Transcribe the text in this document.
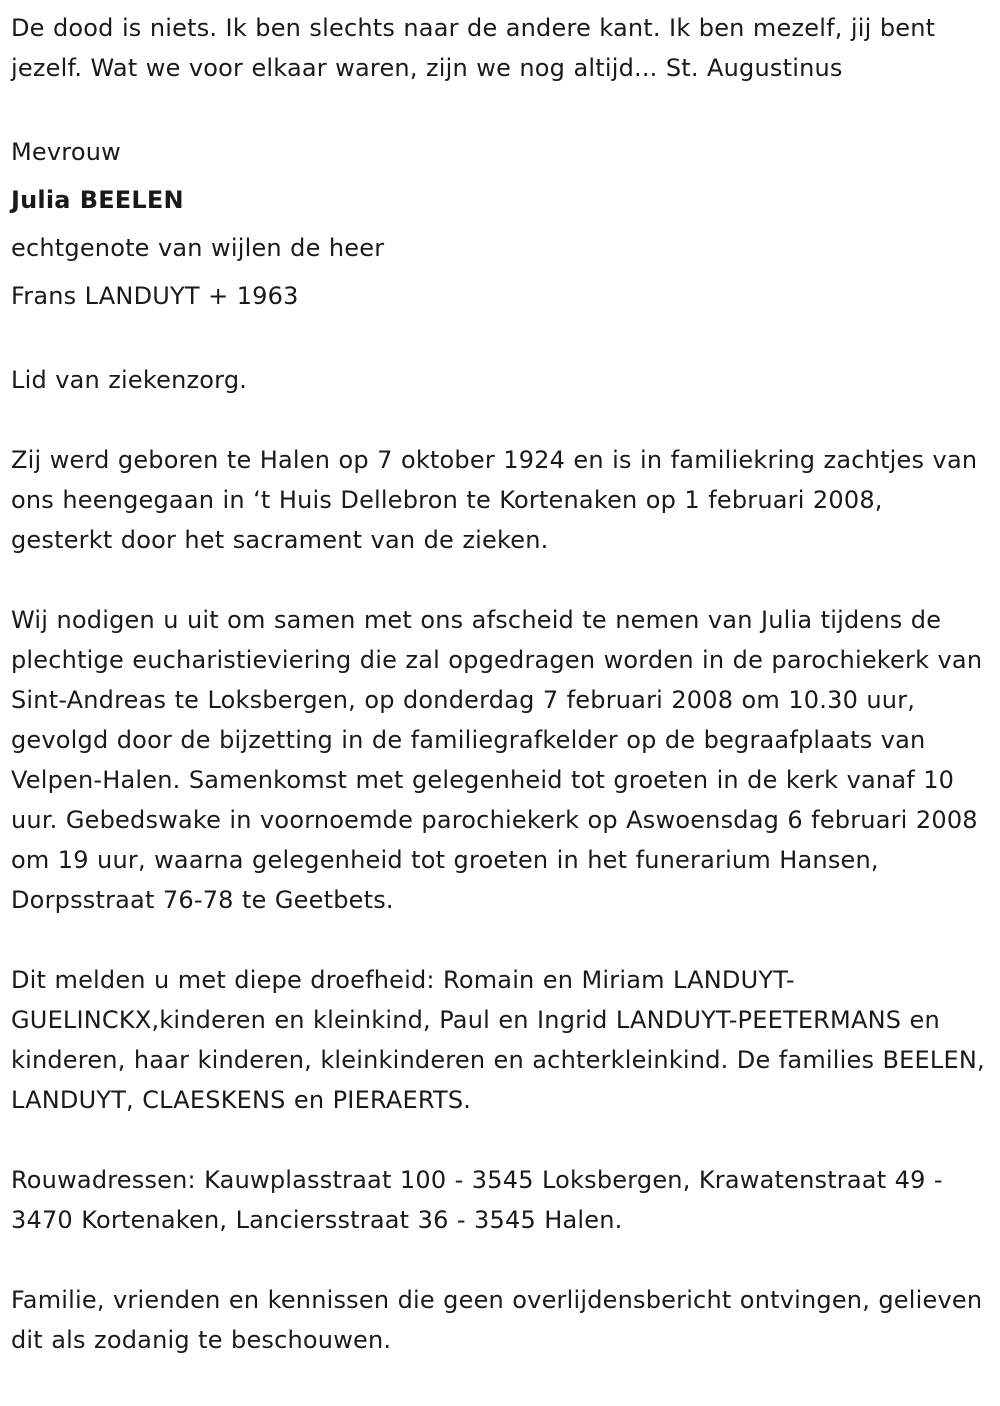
De dood is niets. Ik ben slechts naar de andere kant. Ik ben mezelf, jij bent jezelf. Wat we voor elkaar waren, zijn we nog altijd... St. Augustinus

Mevrouw

Julia BEELEN

echtgenote van wijlen de heer

Frans LANDUYT + 1963

Lid van ziekenzorg.

Zij werd geboren te Halen op 7 oktober 1924 en is in familiekring zachtjes van ons heengegaan in ‘t Huis Dellebron te Kortenaken op 1 februari 2008, gesterkt door het sacrament van de zieken.

Wij nodigen u uit om samen met ons afscheid te nemen van Julia tijdens de plechtige eucharistieviering die zal opgedragen worden in de parochiekerk van Sint-Andreas te Loksbergen, op donderdag 7 februari 2008 om 10.30 uur, gevolgd door de bijzetting in de familiegrafkelder op de begraafplaats van Velpen-Halen. Samenkomst met gelegenheid tot groeten in de kerk vanaf 10 uur. Gebedswake in voornoemde parochiekerk op Aswoensdag 6 februari 2008 om 19 uur, waarna gelegenheid tot groeten in het funerarium Hansen, Dorpsstraat 76-78 te Geetbets.

Dit melden u met diepe droefheid: Romain en Miriam LANDUYT-GUELINCKX,kinderen en kleinkind, Paul en Ingrid LANDUYT-PEETERMANS en kinderen, haar kinderen, kleinkinderen en achterkleinkind. De families BEELEN, LANDUYT, CLAESKENS en PIERAERTS.

Rouwadressen: Kauwplasstraat 100 - 3545 Loksbergen, Krawatenstraat 49 - 3470 Kortenaken, Lanciersstraat 36 - 3545 Halen.

Familie, vrienden en kennissen die geen overlijdensbericht ontvingen, gelieven dit als zodanig te beschouwen.
